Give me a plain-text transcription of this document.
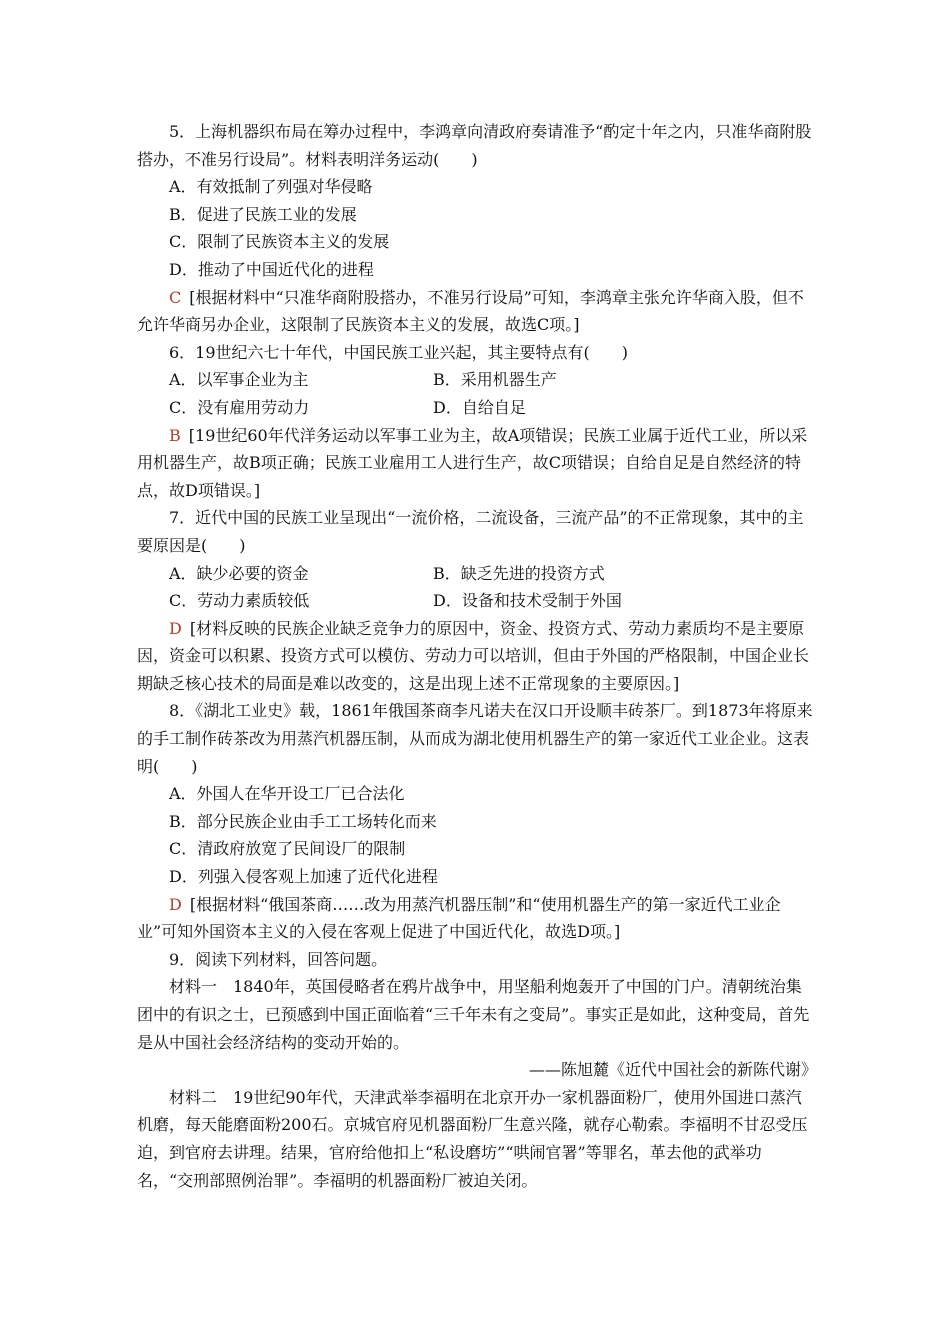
5．上海机器织布局在筹办过程中，李鸿章向清政府奏请准予“酌定十年之内，只准华商附股搭办，不准另行设局”。材料表明洋务运动(　　)

A．有效抵制了列强对华侵略

B．促进了民族工业的发展

C．限制了民族资本主义的发展

D．推动了中国近代化的进程

C  [根据材料中“只准华商附股搭办，不准另行设局”可知，李鸿章主张允许华商入股，但不允许华商另办企业，这限制了民族资本主义的发展，故选C项。]

6．19世纪六七十年代，中国民族工业兴起，其主要特点有(　　)

A．以军事企业为主	B．采用机器生产
C．没有雇用劳动力	D．自给自足

B  [19世纪60年代洋务运动以军事工业为主，故A项错误；民族工业属于近代工业，所以采用机器生产，故B项正确；民族工业雇用工人进行生产，故C项错误；自给自足是自然经济的特点，故D项错误。]

7．近代中国的民族工业呈现出“一流价格，二流设备，三流产品”的不正常现象，其中的主要原因是(　　)

A．缺少必要的资金	B．缺乏先进的投资方式
C．劳动力素质较低	D．设备和技术受制于外国

D  [材料反映的民族企业缺乏竞争力的原因中，资金、投资方式、劳动力素质均不是主要原因，资金可以积累、投资方式可以模仿、劳动力可以培训，但由于外国的严格限制，中国企业长期缺乏核心技术的局面是难以改变的，这是出现上述不正常现象的主要原因。]

8．《湖北工业史》载，1861年俄国茶商李凡诺夫在汉口开设顺丰砖茶厂。到1873年将原来的手工制作砖茶改为用蒸汽机器压制，从而成为湖北使用机器生产的第一家近代工业企业。这表明(　　)

A．外国人在华开设工厂已合法化

B．部分民族企业由手工工场转化而来

C．清政府放宽了民间设厂的限制

D．列强入侵客观上加速了近代化进程

D  [根据材料“俄国茶商……改为用蒸汽机器压制”和“使用机器生产的第一家近代工业企业”可知外国资本主义的入侵在客观上促进了中国近代化，故选D项。]

9．阅读下列材料，回答问题。

材料一　1840年，英国侵略者在鸦片战争中，用坚船利炮轰开了中国的门户。清朝统治集团中的有识之士，已预感到中国正面临着“三千年未有之变局”。事实正是如此，这种变局，首先是从中国社会经济结构的变动开始的。

——陈旭麓《近代中国社会的新陈代谢》

材料二　19世纪90年代，天津武举李福明在北京开办一家机器面粉厂，使用外国进口蒸汽机磨，每天能磨面粉200石。京城官府见机器面粉厂生意兴隆，就存心勒索。李福明不甘忍受压迫，到官府去讲理。结果，官府给他扣上“私设磨坊”“哄闹官署”等罪名，革去他的武举功名，“交刑部照例治罪”。李福明的机器面粉厂被迫关闭。
